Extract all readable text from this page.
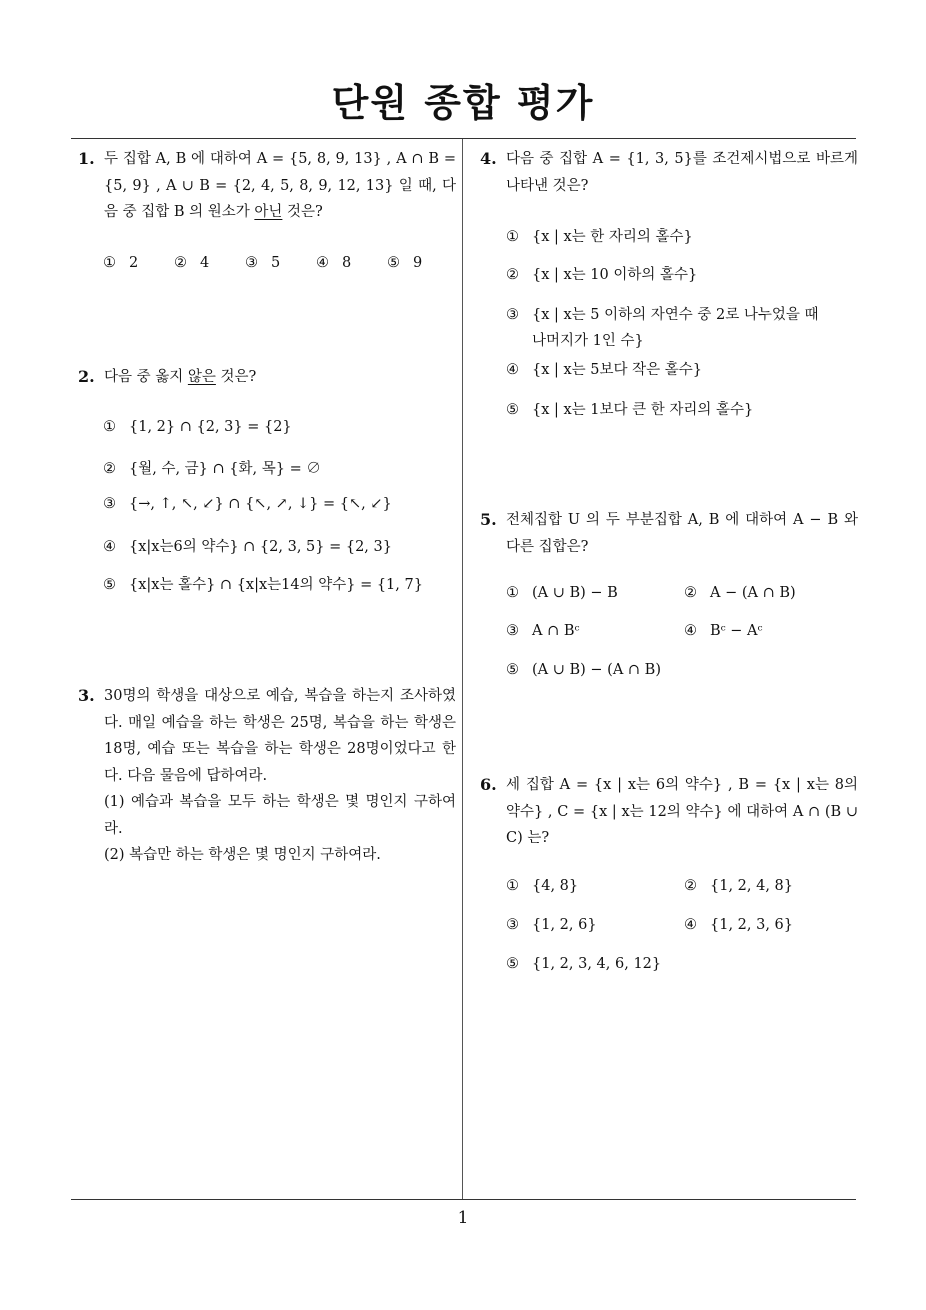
단원 종합 평가
1. 두 집합 A, B 에 대하여 A = {5, 8, 9, 13} , A ∩ B = {5, 9} , A ∪ B = {2, 4, 5, 8, 9, 12, 13} 일 때, 다음 중 집합 B 의 원소가 아닌 것은?
① 2 ② 4 ③ 5 ④ 8 ⑤ 9
2. 다음 중 옳지 않은 것은?
① {1, 2} ∩ {2, 3} = {2}
② {월, 수, 금} ∩ {화, 목} = ∅
③ {→, ↑, ↖, ↙} ∩ {↖, ↗, ↓} = {↖, ↙}
④ {x|x는6의 약수} ∩ {2, 3, 5} = {2, 3}
⑤ {x|x는 홀수} ∩ {x|x는14의 약수} = {1, 7}
3. 30명의 학생을 대상으로 예습, 복습을 하는지 조사하였다. 매일 예습을 하는 학생은 25명, 복습을 하는 학생은 18명, 예습 또는 복습을 하는 학생은 28명이었다고 한다. 다음 물음에 답하여라.
(1) 예습과 복습을 모두 하는 학생은 몇 명인지 구하여라.
(2) 복습만 하는 학생은 몇 명인지 구하여라.
4. 다음 중 집합 A = {1, 3, 5}를 조건제시법으로 바르게 나타낸 것은?
① {x | x는 한 자리의 홀수}
② {x | x는 10 이하의 홀수}
③ {x | x는 5 이하의 자연수 중 2로 나누었을 때
나머지가 1인 수}
④ {x | x는 5보다 작은 홀수}
⑤ {x | x는 1보다 큰 한 자리의 홀수}
5. 전체집합 U 의 두 부분집합 A, B 에 대하여 A − B 와 다른 집합은?
① (A ∪ B) − B	② A − (A ∩ B)
③ A ∩ Bᶜ	④ Bᶜ − Aᶜ
⑤ (A ∪ B) − (A ∩ B)
6. 세 집합 A = {x | x는 6의 약수} , B = {x | x는 8의 약수} , C = {x | x는 12의 약수} 에 대하여 A ∩ (B ∪ C) 는?
① {4, 8}	② {1, 2, 4, 8}
③ {1, 2, 6}	④ {1, 2, 3, 6}
⑤ {1, 2, 3, 4, 6, 12}
1
